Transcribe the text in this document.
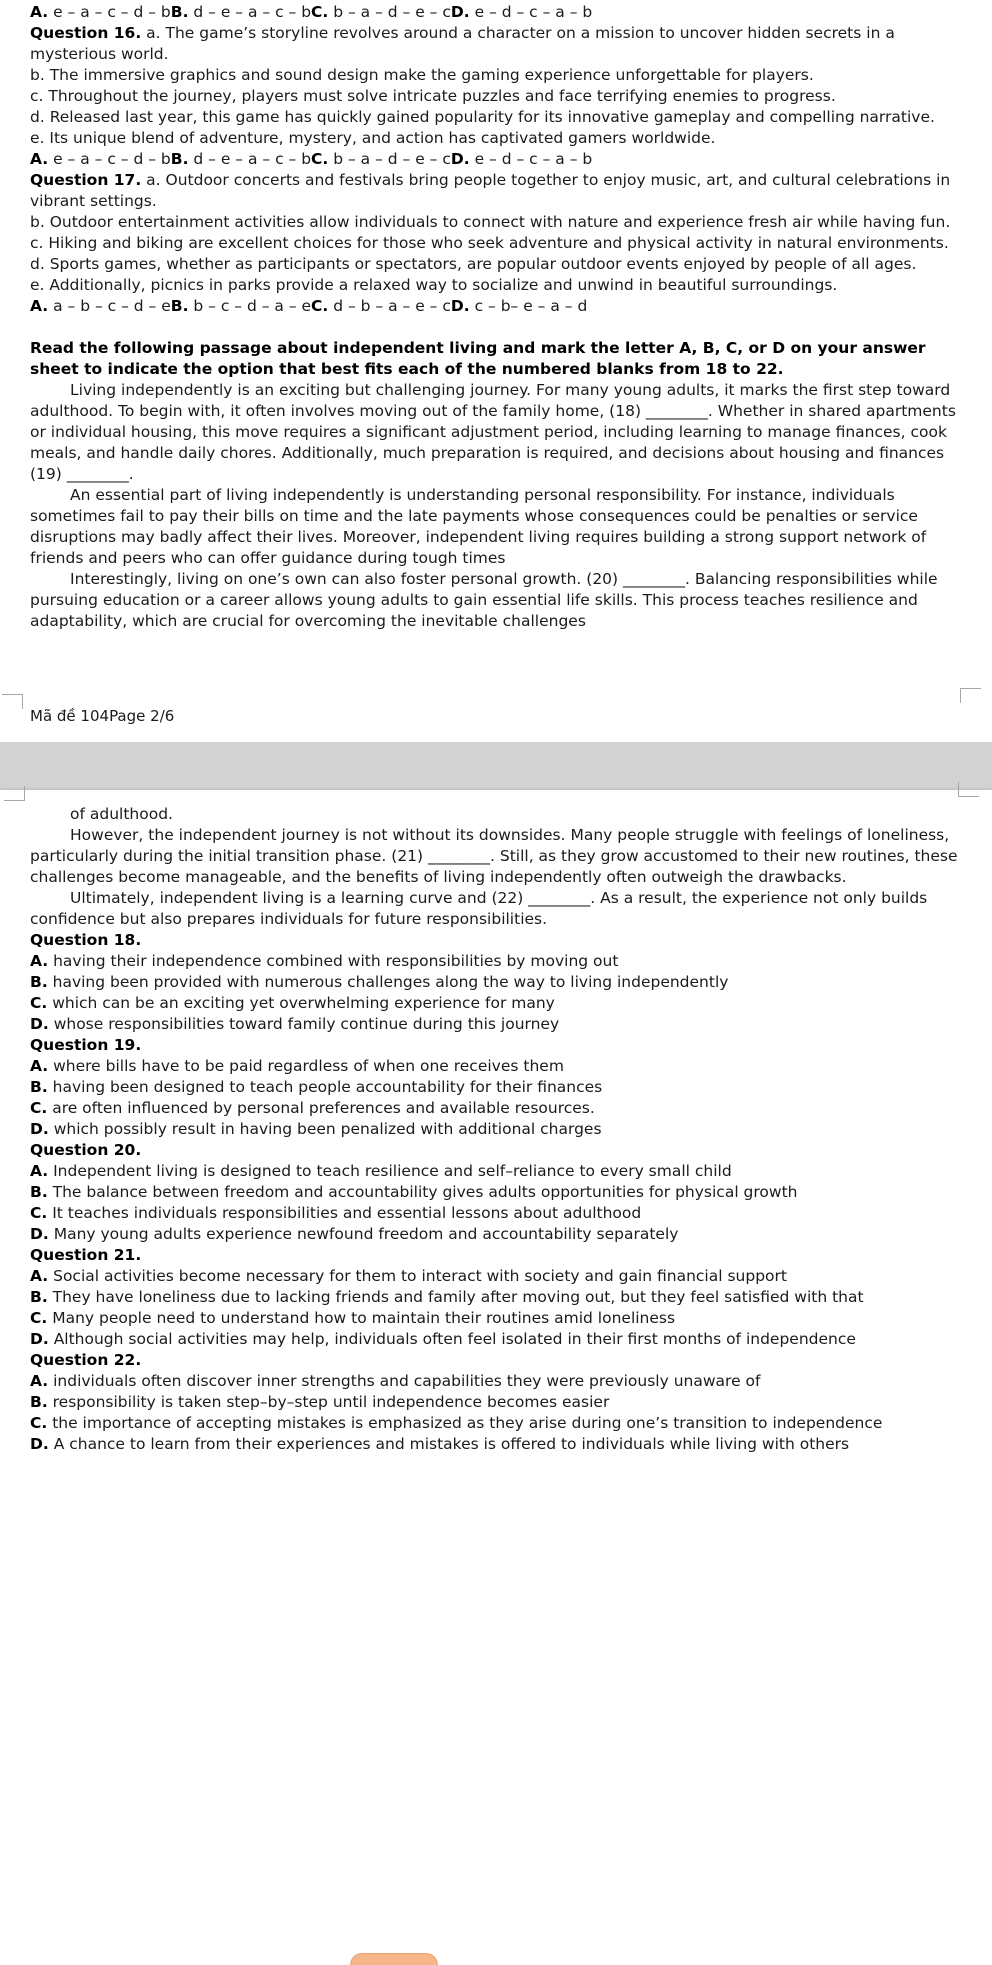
A. e – a – c – d – bB. d – e – a – c – bC. b – a – d – e – cD. e – d – c – a – b

Question 16. a. The game’s storyline revolves around a character on a mission to uncover hidden secrets in a mysterious world.

b. The immersive graphics and sound design make the gaming experience unforgettable for players.

c. Throughout the journey, players must solve intricate puzzles and face terrifying enemies to progress.

d. Released last year, this game has quickly gained popularity for its innovative gameplay and compelling narrative.

e. Its unique blend of adventure, mystery, and action has captivated gamers worldwide.

A. e – a – c – d – bB. d – e – a – c – bC. b – a – d – e – cD. e – d – c – a – b

Question 17. a. Outdoor concerts and festivals bring people together to enjoy music, art, and cultural celebrations in vibrant settings.

b. Outdoor entertainment activities allow individuals to connect with nature and experience fresh air while having fun.

c. Hiking and biking are excellent choices for those who seek adventure and physical activity in natural environments.

d. Sports games, whether as participants or spectators, are popular outdoor events enjoyed by people of all ages.

e. Additionally, picnics in parks provide a relaxed way to socialize and unwind in beautiful surroundings.

A. a – b – c – d – eB. b – c – d – a – eC. d – b – a – e – cD. c – b– e – a – d

Read the following passage about independent living and mark the letter A, B, C, or D on your answer sheet to indicate the option that best fits each of the numbered blanks from 18 to 22.

Living independently is an exciting but challenging journey. For many young adults, it marks the first step toward adulthood. To begin with, it often involves moving out of the family home, (18) ________. Whether in shared apartments or individual housing, this move requires a significant adjustment period, including learning to manage finances, cook meals, and handle daily chores. Additionally, much preparation is required, and decisions about housing and finances (19) ________.

An essential part of living independently is understanding personal responsibility. For instance, individuals sometimes fail to pay their bills on time and the late payments whose consequences could be penalties or service disruptions may badly affect their lives. Moreover, independent living requires building a strong support network of friends and peers who can offer guidance during tough times

Interestingly, living on one’s own can also foster personal growth. (20) ________. Balancing responsibilities while pursuing education or a career allows young adults to gain essential life skills. This process teaches resilience and adaptability, which are crucial for overcoming the inevitable challenges

Mã đề 104Page 2/6

of adulthood.

However, the independent journey is not without its downsides. Many people struggle with feelings of loneliness, particularly during the initial transition phase. (21) ________. Still, as they grow accustomed to their new routines, these challenges become manageable, and the benefits of living independently often outweigh the drawbacks.

Ultimately, independent living is a learning curve and (22) ________. As a result, the experience not only builds confidence but also prepares individuals for future responsibilities.

Question 18.

A. having their independence combined with responsibilities by moving out

B. having been provided with numerous challenges along the way to living independently

C. which can be an exciting yet overwhelming experience for many

D. whose responsibilities toward family continue during this journey

Question 19.

A. where bills have to be paid regardless of when one receives them

B. having been designed to teach people accountability for their finances

C. are often influenced by personal preferences and available resources.

D. which possibly result in having been penalized with additional charges

Question 20.

A. Independent living is designed to teach resilience and self–reliance to every small child

B. The balance between freedom and accountability gives adults opportunities for physical growth

C. It teaches individuals responsibilities and essential lessons about adulthood

D. Many young adults experience newfound freedom and accountability separately

Question 21.

A. Social activities become necessary for them to interact with society and gain financial support

B. They have loneliness due to lacking friends and family after moving out, but they feel satisfied with that

C. Many people need to understand how to maintain their routines amid loneliness

D. Although social activities may help, individuals often feel isolated in their first months of independence

Question 22.

A. individuals often discover inner strengths and capabilities they were previously unaware of

B. responsibility is taken step–by–step until independence becomes easier

C. the importance of accepting mistakes is emphasized as they arise during one’s transition to independence

D. A chance to learn from their experiences and mistakes is offered to individuals while living with others
